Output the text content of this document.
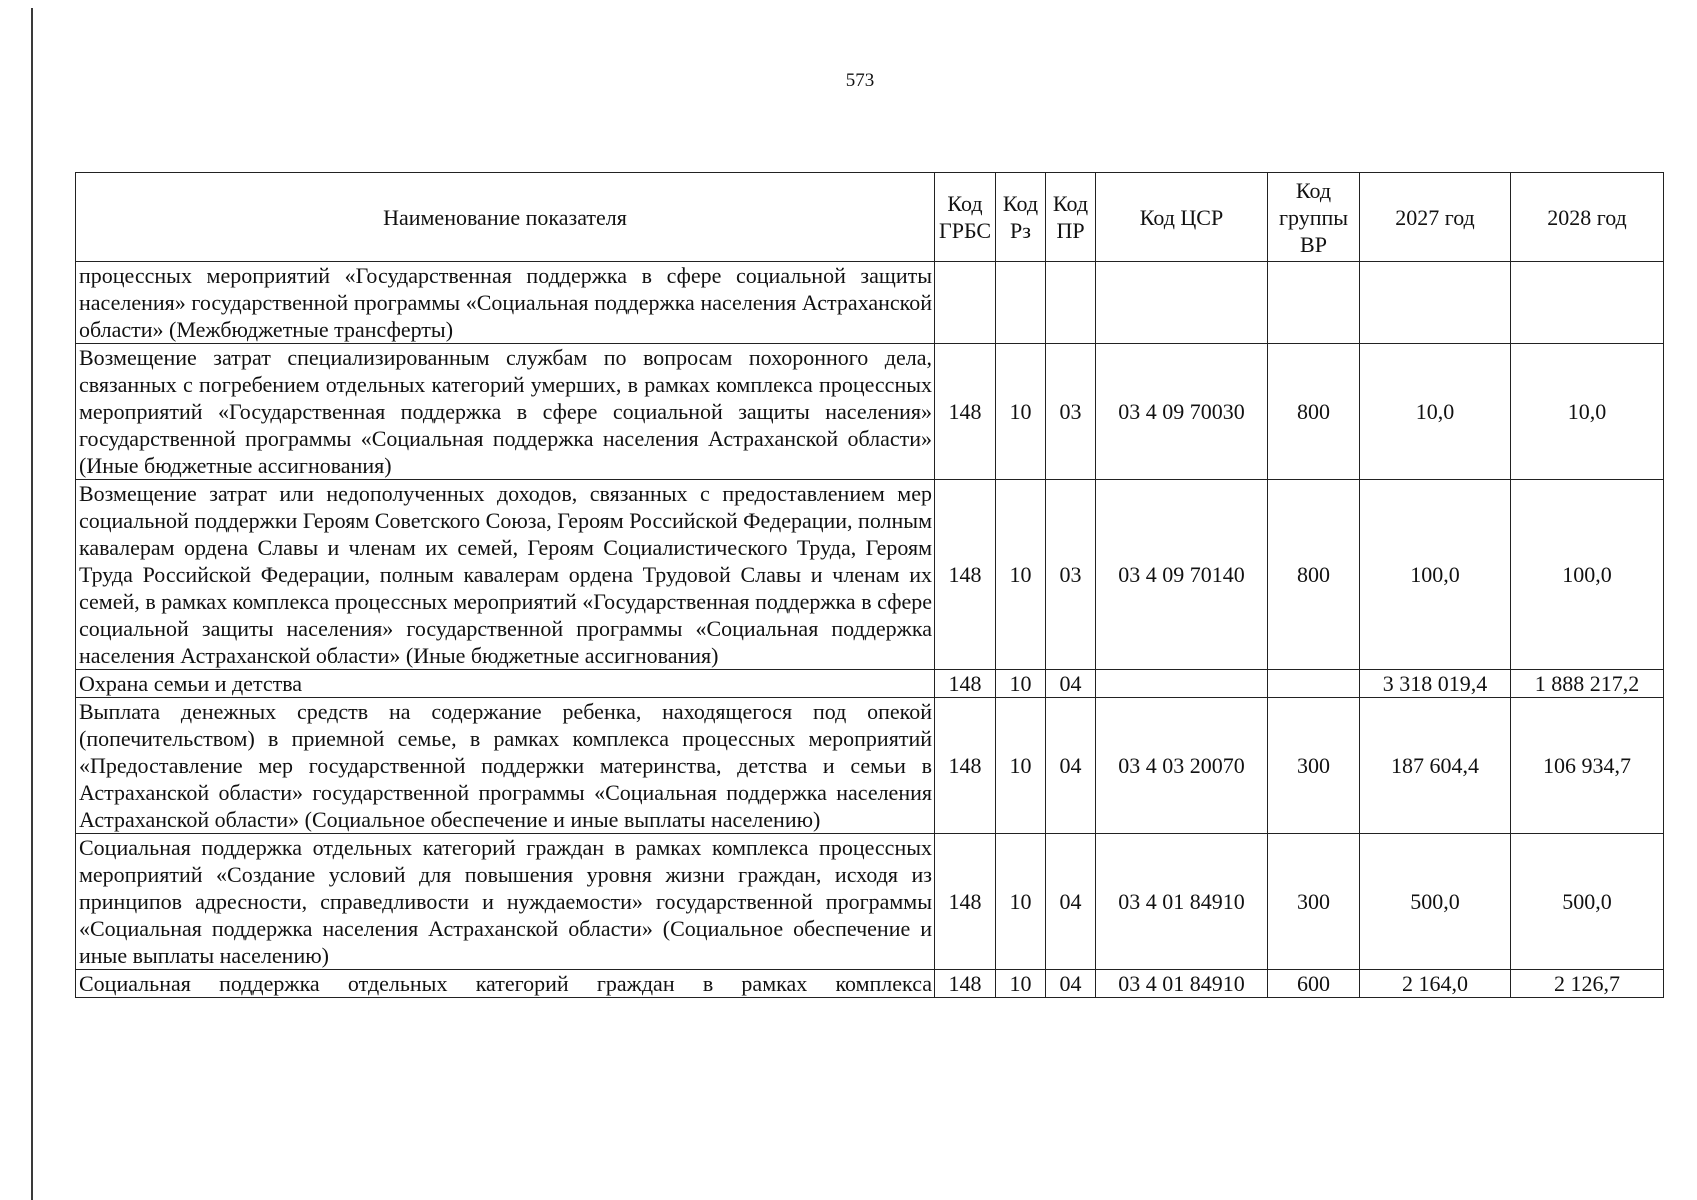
573
Наименование показателя	Код ГРБС	Код Рз	Код ПР	Код ЦСР	Код группы ВР	2027 год	2028 год
процессных мероприятий «Государственная поддержка в сфере социальной защиты населения» государственной программы «Социальная поддержка населения Астраханской области» (Межбюджетные трансферты)							
Возмещение затрат специализированным службам по вопросам похоронного дела, связанных с погребением отдельных категорий умерших, в рамках комплекса процессных мероприятий «Государственная поддержка в сфере социальной защиты населения» государственной программы «Социальная поддержка населения Астраханской области» (Иные бюджетные ассигнования)	148	10	03	03 4 09 70030	800	10,0	10,0
Возмещение затрат или недополученных доходов, связанных с предоставлением мер социальной поддержки Героям Советского Союза, Героям Российской Федерации, полным кавалерам ордена Славы и членам их семей, Героям Социалистического Труда, Героям Труда Российской Федерации, полным кавалерам ордена Трудовой Славы и членам их семей, в рамках комплекса процессных мероприятий «Государственная поддержка в сфере социальной защиты населения» государственной программы «Социальная поддержка населения Астраханской области» (Иные бюджетные ассигнования)	148	10	03	03 4 09 70140	800	100,0	100,0
Охрана семьи и детства	148	10	04			3 318 019,4	1 888 217,2
Выплата денежных средств на содержание ребенка, находящегося под опекой (попечительством) в приемной семье, в рамках комплекса процессных мероприятий «Предоставление мер государственной поддержки материнства, детства и семьи в Астраханской области» государственной программы «Социальная поддержка населения Астраханской области» (Социальное обеспечение и иные выплаты населению)	148	10	04	03 4 03 20070	300	187 604,4	106 934,7
Социальная поддержка отдельных категорий граждан в рамках комплекса процессных мероприятий «Создание условий для повышения уровня жизни граждан, исходя из принципов адресности, справедливости и нуждаемости» государственной программы «Социальная поддержка населения Астраханской области» (Социальное обеспечение и иные выплаты населению)	148	10	04	03 4 01 84910	300	500,0	500,0
Социальная поддержка отдельных категорий граждан в рамках комплекса	148	10	04	03 4 01 84910	600	2 164,0	2 126,7
